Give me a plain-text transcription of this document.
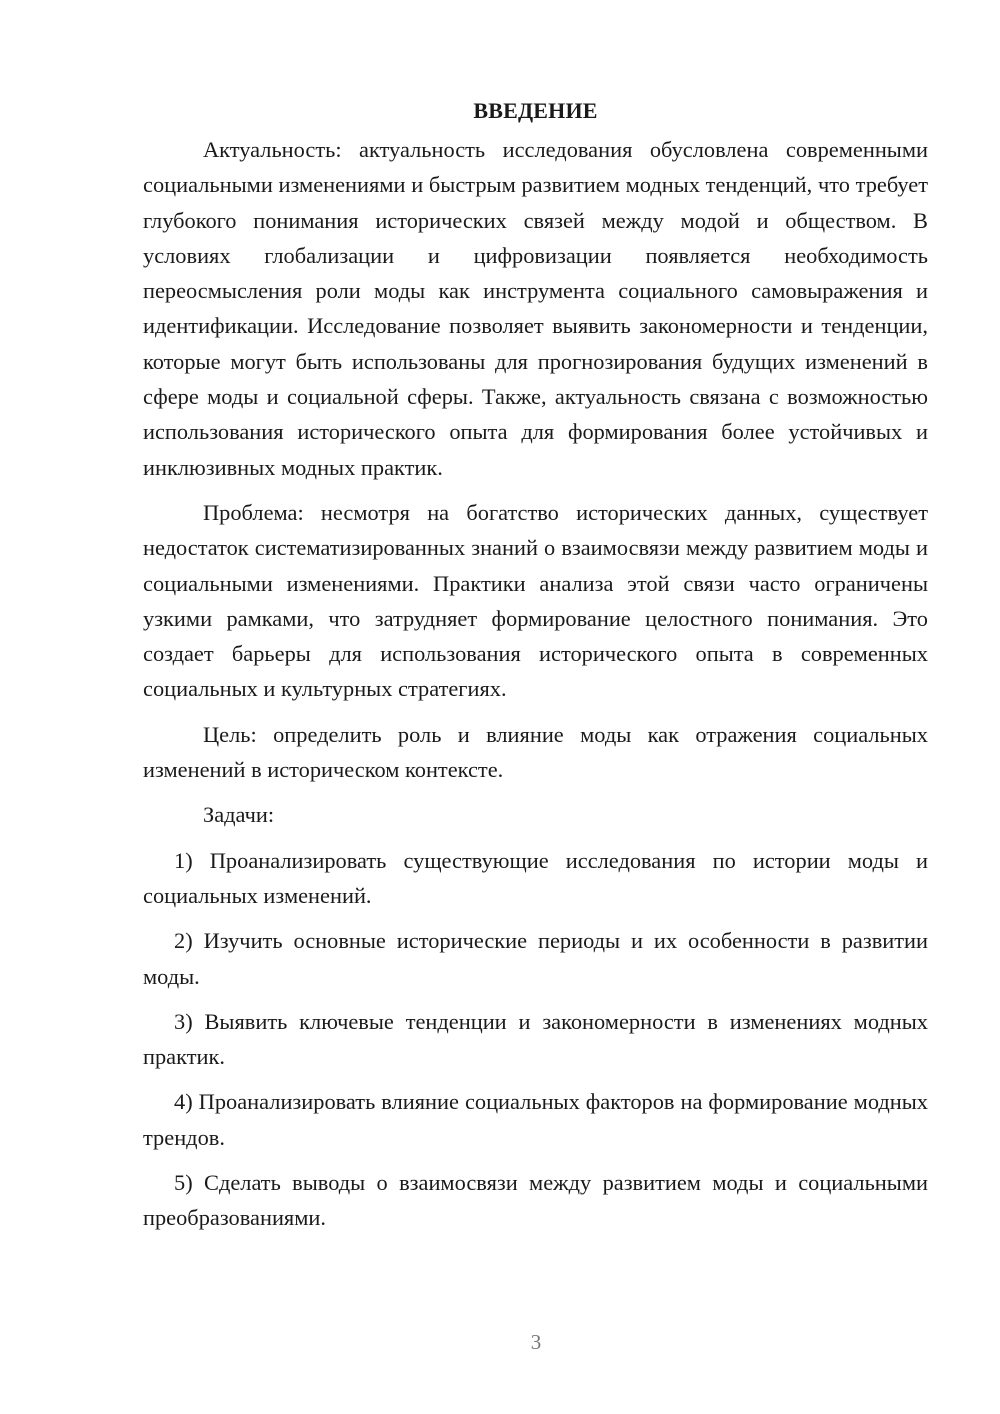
ВВЕДЕНИЕ

Актуальность: актуальность исследования обусловлена современными социальными изменениями и быстрым развитием модных тенденций, что требует глубокого понимания исторических связей между модой и обществом. В условиях глобализации и цифровизации появляется необходимость переосмысления роли моды как инструмента социального самовыражения и идентификации. Исследование позволяет выявить закономерности и тенденции, которые могут быть использованы для прогнозирования будущих изменений в сфере моды и социальной сферы. Также, актуальность связана с возможностью использования исторического опыта для формирования более устойчивых и инклюзивных модных практик.

Проблема: несмотря на богатство исторических данных, существует недостаток систематизированных знаний о взаимосвязи между развитием моды и социальными изменениями. Практики анализа этой связи часто ограничены узкими рамками, что затрудняет формирование целостного понимания. Это создает барьеры для использования исторического опыта в современных социальных и культурных стратегиях.

Цель: определить роль и влияние моды как отражения социальных изменений в историческом контексте.

Задачи:

1) Проанализировать существующие исследования по истории моды и социальных изменений.

2) Изучить основные исторические периоды и их особенности в развитии моды.

3) Выявить ключевые тенденции и закономерности в изменениях модных практик.

4) Проанализировать влияние социальных факторов на формирование модных трендов.

5) Сделать выводы о взаимосвязи между развитием моды и социальными преобразованиями.

3
